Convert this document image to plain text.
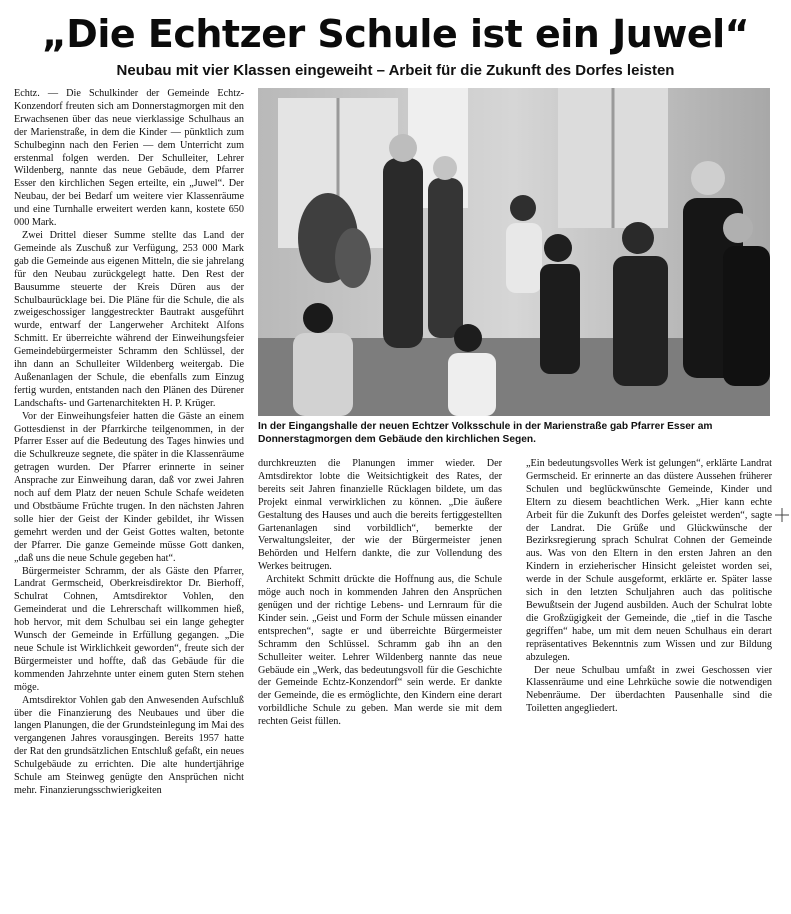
„Die Echtzer Schule ist ein Juwel“
Neubau mit vier Klassen eingeweiht – Arbeit für die Zukunft des Dorfes leisten

Echtz. — Die Schulkinder der Gemeinde Echtz-Konzendorf freuten sich am Donnerstagmorgen mit den Erwachsenen über das neue vierklassige Schulhaus an der Marienstraße, in dem die Kinder — pünktlich zum Schulbeginn nach den Ferien — dem Unterricht zum erstenmal folgen werden. Der Schulleiter, Lehrer Wildenberg, nannte das neue Gebäude, dem Pfarrer Esser den kirchlichen Segen erteilte, ein „Juwel“. Der Neubau, der bei Bedarf um weitere vier Klassenräume und eine Turnhalle erweitert werden kann, kostete 650 000 Mark.

Zwei Drittel dieser Summe stellte das Land der Gemeinde als Zuschuß zur Verfügung, 253 000 Mark gab die Gemeinde aus eigenen Mitteln, die sie jahrelang für den Neubau zurückgelegt hatte. Den Rest der Bausumme steuerte der Kreis Düren aus der Schulbaurücklage bei. Die Pläne für die Schule, die als zweigeschossiger langgestreckter Bautrakt ausgeführt wurde, entwarf der Langerweher Architekt Alfons Schmitt. Er überreichte während der Einweihungsfeier Gemeindebürgermeister Schramm den Schlüssel, der ihn dann an Schulleiter Wildenberg weitergab. Die Außenanlagen der Schule, die ebenfalls zum Einzug fertig wurden, entstanden nach den Plänen des Dürener Landschafts- und Gartenarchitekten H. P. Krüger.

Vor der Einweihungsfeier hatten die Gäste an einem Gottesdienst in der Pfarrkirche teilgenommen, in der Pfarrer Esser auf die Bedeutung des Tages hinwies und die Schulkreuze segnete, die später in die Klassenräume getragen wurden. Der Pfarrer erinnerte in seiner Ansprache zur Einweihung daran, daß vor zwei Jahren noch auf dem Platz der neuen Schule Schafe weideten und Obstbäume Früchte trugen. In den nächsten Jahren solle hier der Geist der Kinder gebildet, ihr Wissen gemehrt werden und der Geist Gottes walten, betonte der Pfarrer. Die ganze Gemeinde müsse Gott danken, „daß uns die neue Schule gegeben hat“.

Bürgermeister Schramm, der als Gäste den Pfarrer, Landrat Germscheid, Oberkreisdirektor Dr. Bierhoff, Schulrat Cohnen, Amtsdirektor Vohlen, den Gemeinderat und die Lehrerschaft willkommen hieß, hob hervor, mit dem Schulbau sei ein lange gehegter Wunsch der Gemeinde in Erfüllung gegangen. „Die neue Schule ist Wirklichkeit geworden“, freute sich der Bürgermeister und hoffte, daß das Gebäude für die kommenden Jahrzehnte unter einem guten Stern stehen möge.

Amtsdirektor Vohlen gab den Anwesenden Aufschluß über die Finanzierung des Neubaues und über die langen Planungen, die der Grundsteinlegung im Mai des vergangenen Jahres vorausgingen. Bereits 1957 hatte der Rat den grundsätzlichen Entschluß gefaßt, ein neues Schulgebäude zu errichten. Die alte hundertjährige Schule am Steinweg genügte den Ansprüchen nicht mehr. Finanzierungsschwierigkeiten

In der Eingangshalle der neuen Echtzer Volksschule in der Marienstraße gab Pfarrer Esser am Donnerstagmorgen dem Gebäude den kirchlichen Segen.

durchkreuzten die Planungen immer wieder. Der Amtsdirektor lobte die Weitsichtigkeit des Rates, der bereits seit Jahren finanzielle Rücklagen bildete, um das Projekt einmal verwirklichen zu können. „Die äußere Gestaltung des Hauses und auch die bereits fertiggestellten Gartenanlagen sind vorbildlich“, bemerkte der Verwaltungsleiter, der wie der Bürgermeister jenen Behörden und Helfern dankte, die zur Vollendung des Werkes beitrugen.

Architekt Schmitt drückte die Hoffnung aus, die Schule möge auch noch in kommenden Jahren den Ansprüchen genügen und der richtige Lebens- und Lernraum für die Kinder sein. „Geist und Form der Schule müssen einander entsprechen“, sagte er und überreichte Bürgermeister Schramm den Schlüssel. Schramm gab ihn an den Schulleiter weiter. Lehrer Wildenberg nannte das neue Gebäude ein „Werk, das bedeutungsvoll für die Geschichte der Gemeinde Echtz-Konzendorf“ sein werde. Er dankte der Gemeinde, die es ermöglichte, den Kindern eine derart vorbildliche Schule zu geben. Man werde sie mit dem rechten Geist füllen.

„Ein bedeutungsvolles Werk ist gelungen“, erklärte Landrat Germscheid. Er erinnerte an das düstere Aussehen früherer Schulen und beglückwünschte Gemeinde, Kinder und Eltern zu diesem beachtlichen Werk. „Hier kann echte Arbeit für die Zukunft des Dorfes geleistet werden“, sagte der Landrat. Die Grüße und Glückwünsche der Bezirksregierung sprach Schulrat Cohnen der Gemeinde aus. Was von den Eltern in den ersten Jahren an den Kindern in erzieherischer Hinsicht geleistet worden sei, werde in der Schule ausgeformt, erklärte er. Später lasse sich in den letzten Schuljahren auch das politische Bewußtsein der Jugend ausbilden. Auch der Schulrat lobte die Großzügigkeit der Gemeinde, die „tief in die Tasche gegriffen“ habe, um mit dem neuen Schulhaus ein derart repräsentatives Bekenntnis zum Wissen und zur Bildung abzulegen.

Der neue Schulbau umfaßt in zwei Geschossen vier Klassenräume und eine Lehrküche sowie die notwendigen Nebenräume. Der überdachten Pausenhalle sind die Toiletten angegliedert.
